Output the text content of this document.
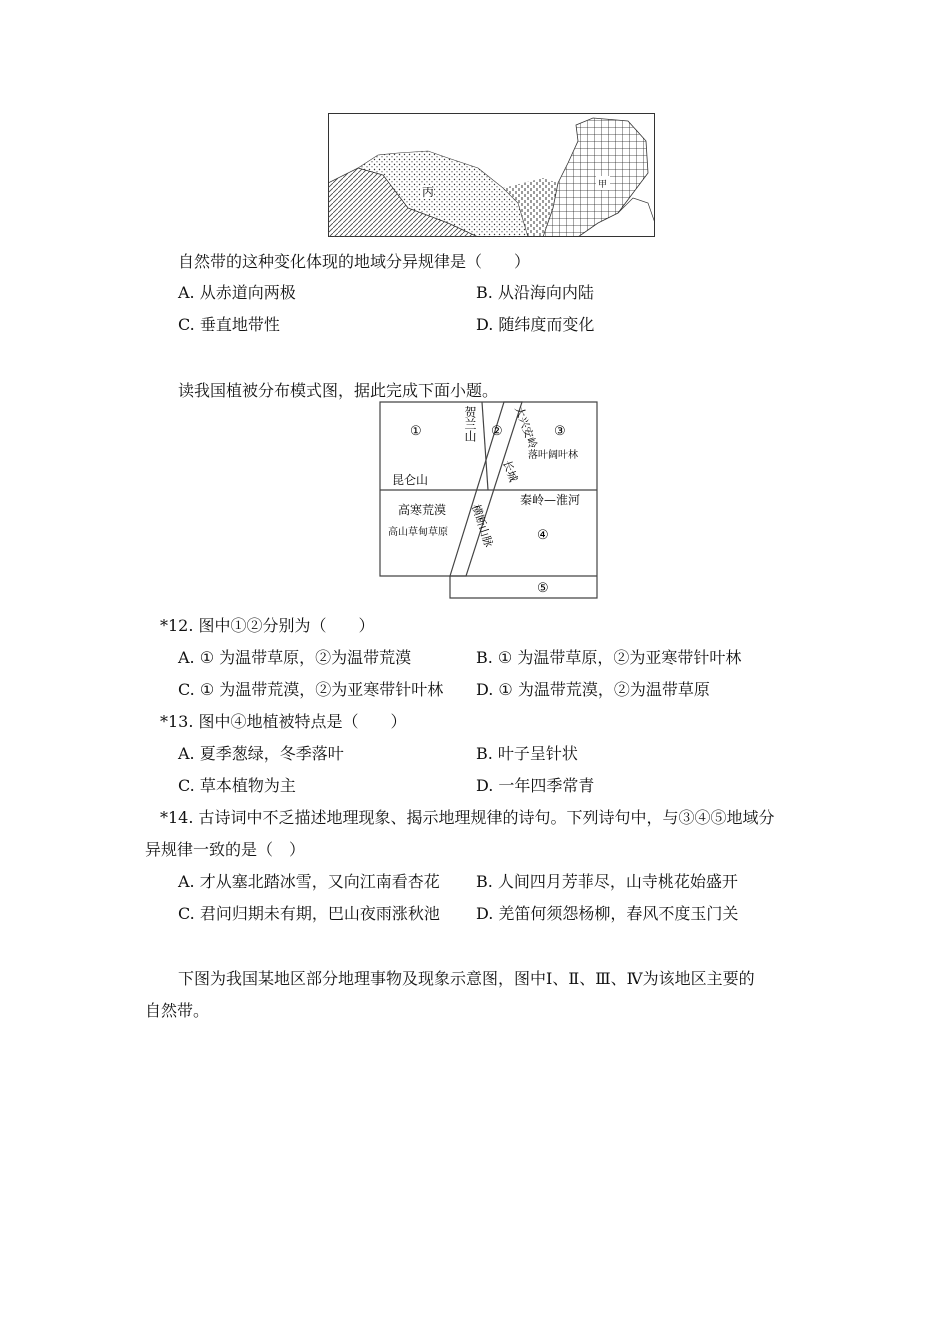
丙	甲
自然带的这种变化体现的地域分异规律是（　　）
A. 从赤道向两极	B. 从沿海向内陆
C. 垂直地带性	D. 随纬度而变化
读我国植被分布模式图，据此完成下面小题。
①	贺兰山 ② 大兴安岭
长城
③
落叶阔叶林
昆仑山
秦岭—淮河
高寒荒漠
高山草甸草原 横断山脉	④
⑤
*12. 图中①②分别为（　　）
A. ① 为温带草原，②为温带荒漠	B. ① 为温带草原，②为亚寒带针叶林
C. ① 为温带荒漠，②为亚寒带针叶林 D. ① 为温带荒漠，②为温带草原
*13. 图中④地植被特点是（　　）
A. 夏季葱绿，冬季落叶	B. 叶子呈针状
C. 草本植物为主	D. 一年四季常青
*14. 古诗词中不乏描述地理现象、揭示地理规律的诗句。下列诗句中，与③④⑤地域分
异规律一致的是（　）
A. 才从塞北踏冰雪，又向江南看杏花 B. 人间四月芳菲尽，山寺桃花始盛开
C. 君问归期未有期，巴山夜雨涨秋池 D. 羌笛何须怨杨柳，春风不度玉门关
下图为我国某地区部分地理事物及现象示意图，图中Ⅰ、Ⅱ、Ⅲ、Ⅳ为该地区主要的
自然带。
